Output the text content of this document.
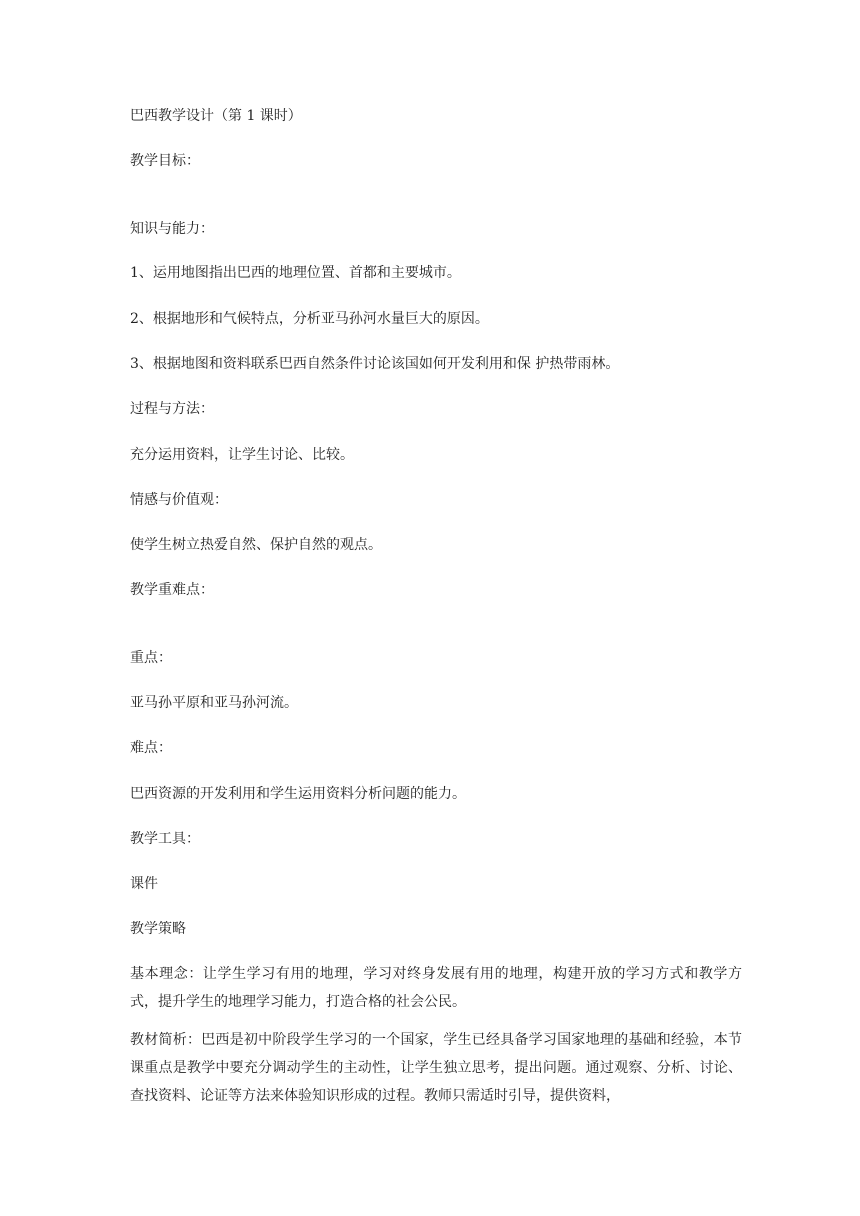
巴西教学设计（第 1 课时）
教学目标：
知识与能力：
1、运用地图指出巴西的地理位置、首都和主要城市。
2、根据地形和气候特点，分析亚马孙河水量巨大的原因。
3、根据地图和资料联系巴西自然条件讨论该国如何开发利用和保 护热带雨林。
过程与方法：
充分运用资料，让学生讨论、比较。
情感与价值观：
使学生树立热爱自然、保护自然的观点。
教学重难点：
重点：
亚马孙平原和亚马孙河流。
难点：
巴西资源的开发利用和学生运用资料分析问题的能力。
教学工具：
课件
教学策略
基本理念：让学生学习有用的地理，学习对终身发展有用的地理，构建开放的学习方式和教学方式，提升学生的地理学习能力，打造合格的社会公民。
教材简析：巴西是初中阶段学生学习的一个国家，学生已经具备学习国家地理的基础和经验，本节课重点是教学中要充分调动学生的主动性，让学生独立思考，提出问题。通过观察、分析、讨论、查找资料、论证等方法来体验知识形成的过程。教师只需适时引导，提供资料，
